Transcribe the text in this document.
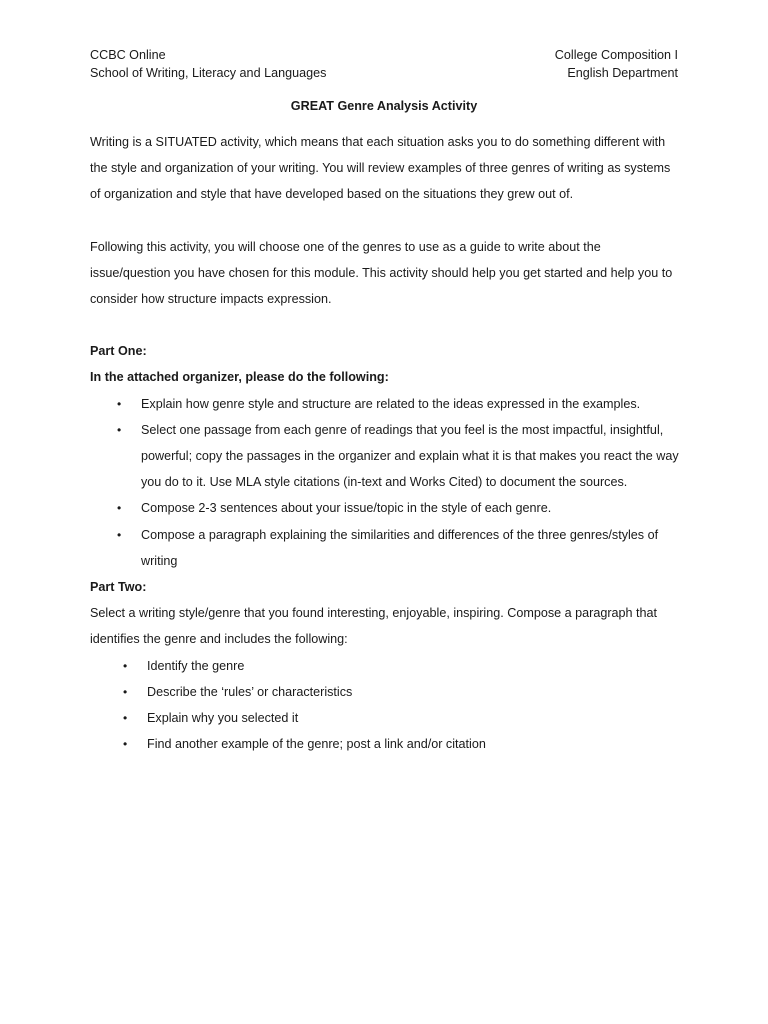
CCBC Online
School of Writing, Literacy and Languages
College Composition I
English Department
GREAT Genre Analysis Activity

Writing is a SITUATED activity, which means that each situation asks you to do something different with the style and organization of your writing. You will review examples of three genres of writing as systems of organization and style that have developed based on the situations they grew out of.

Following this activity, you will choose one of the genres to use as a guide to write about the issue/question you have chosen for this module. This activity should help you get started and help you to consider how structure impacts expression.

Part One:

In the attached organizer, please do the following:

• Explain how genre style and structure are related to the ideas expressed in the examples.
• Select one passage from each genre of readings that you feel is the most impactful, insightful, powerful; copy the passages in the organizer and explain what it is that makes you react the way you do to it. Use MLA style citations (in-text and Works Cited) to document the sources.
• Compose 2-3 sentences about your issue/topic in the style of each genre.
• Compose a paragraph explaining the similarities and differences of the three genres/styles of writing

Part Two:

Select a writing style/genre that you found interesting, enjoyable, inspiring. Compose a paragraph that identifies the genre and includes the following:

• Identify the genre
• Describe the ‘rules’ or characteristics
• Explain why you selected it
• Find another example of the genre; post a link and/or citation
